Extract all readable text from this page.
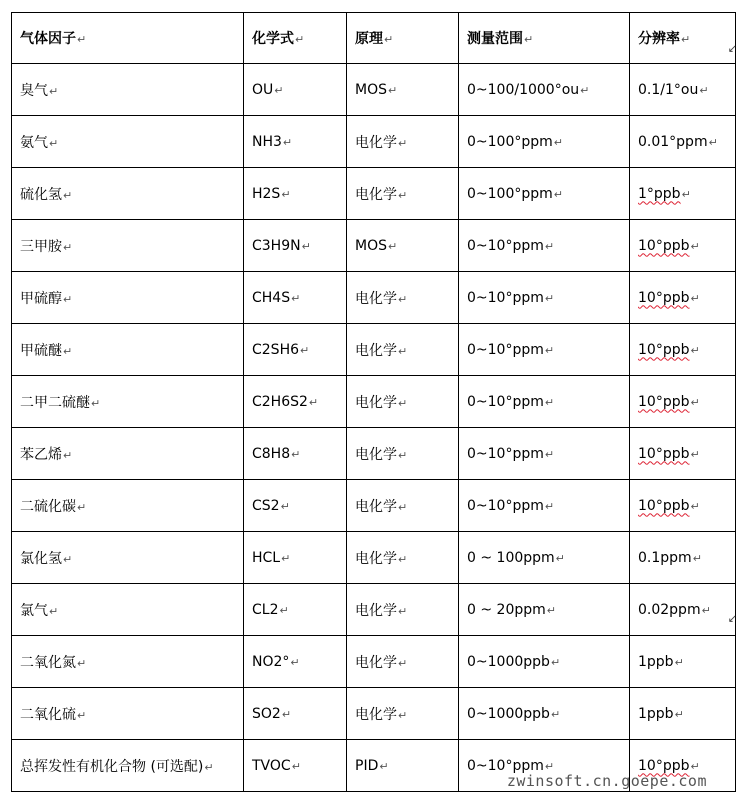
气体因子↵	化学式↵	原理↵	测量范围↵	分辨率↵
臭气↵	OU↵	MOS↵	0~100/1000°ou↵	0.1/1°ou↵
氨气↵	NH3↵	电化学↵	0~100°ppm↵	0.01°ppm↵
硫化氢↵	H2S↵	电化学↵	0~100°ppm↵	1°ppb↵
三甲胺↵	C3H9N↵	MOS↵	0~10°ppm↵	10°ppb↵
甲硫醇↵	CH4S↵	电化学↵	0~10°ppm↵	10°ppb↵
甲硫醚↵	C2SH6↵	电化学↵	0~10°ppm↵	10°ppb↵
二甲二硫醚↵	C2H6S2↵	电化学↵	0~10°ppm↵	10°ppb↵
苯乙烯↵	C8H8↵	电化学↵	0~10°ppm↵	10°ppb↵
二硫化碳↵	CS2↵	电化学↵	0~10°ppm↵	10°ppb↵
氯化氢↵	HCL↵	电化学↵	0 ~ 100ppm↵	0.1ppm↵
氯气↵	CL2↵	电化学↵	0 ~ 20ppm↵	0.02ppm↵
二氧化氮↵	NO2°↵	电化学↵	0~1000ppb↵	1ppb↵
二氧化硫↵	SO2↵	电化学↵	0~1000ppb↵	1ppb↵
总挥发性有机化合物 (可选配)↵	TVOC↵	PID↵	0~10°ppm↵	10°ppb↵
↙
↙
zwinsoft.cn.goepe.com
